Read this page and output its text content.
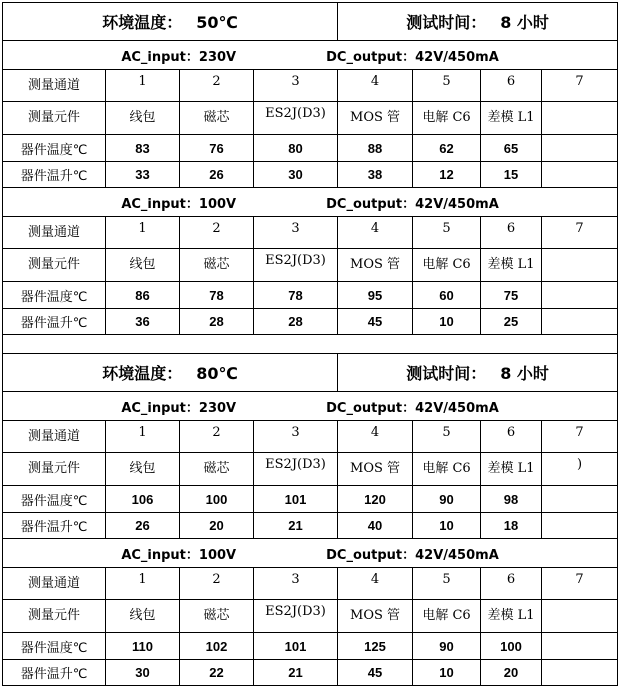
环境温度： 50℃				测试时间： 8 小时			
AC_input：230V DC_output：42V/450mA							
测量通道	1	2	3	4	5	6	7
测量元件	线包	磁芯	ES2J(D3)	MOS 管	电解 C6	差模 L1	
器件温度℃	83	76	80	88	62	65	
器件温升℃	33	26	30	38	12	15	
AC_input：100V DC_output：42V/450mA							
测量通道	1	2	3	4	5	6	7
测量元件	线包	磁芯	ES2J(D3)	MOS 管	电解 C6	差模 L1	
器件温度℃	86	78	78	95	60	75	
器件温升℃	36	28	28	45	10	25	

环境温度： 80℃				测试时间： 8 小时			
AC_input：230V DC_output：42V/450mA							
测量通道	1	2	3	4	5	6	7
测量元件	线包	磁芯	ES2J(D3)	MOS 管	电解 C6	差模 L1	)
器件温度℃	106	100	101	120	90	98	
器件温升℃	26	20	21	40	10	18	
AC_input：100V DC_output：42V/450mA							
测量通道	1	2	3	4	5	6	7
测量元件	线包	磁芯	ES2J(D3)	MOS 管	电解 C6	差模 L1	
器件温度℃	110	102	101	125	90	100	
器件温升℃	30	22	21	45	10	20	
